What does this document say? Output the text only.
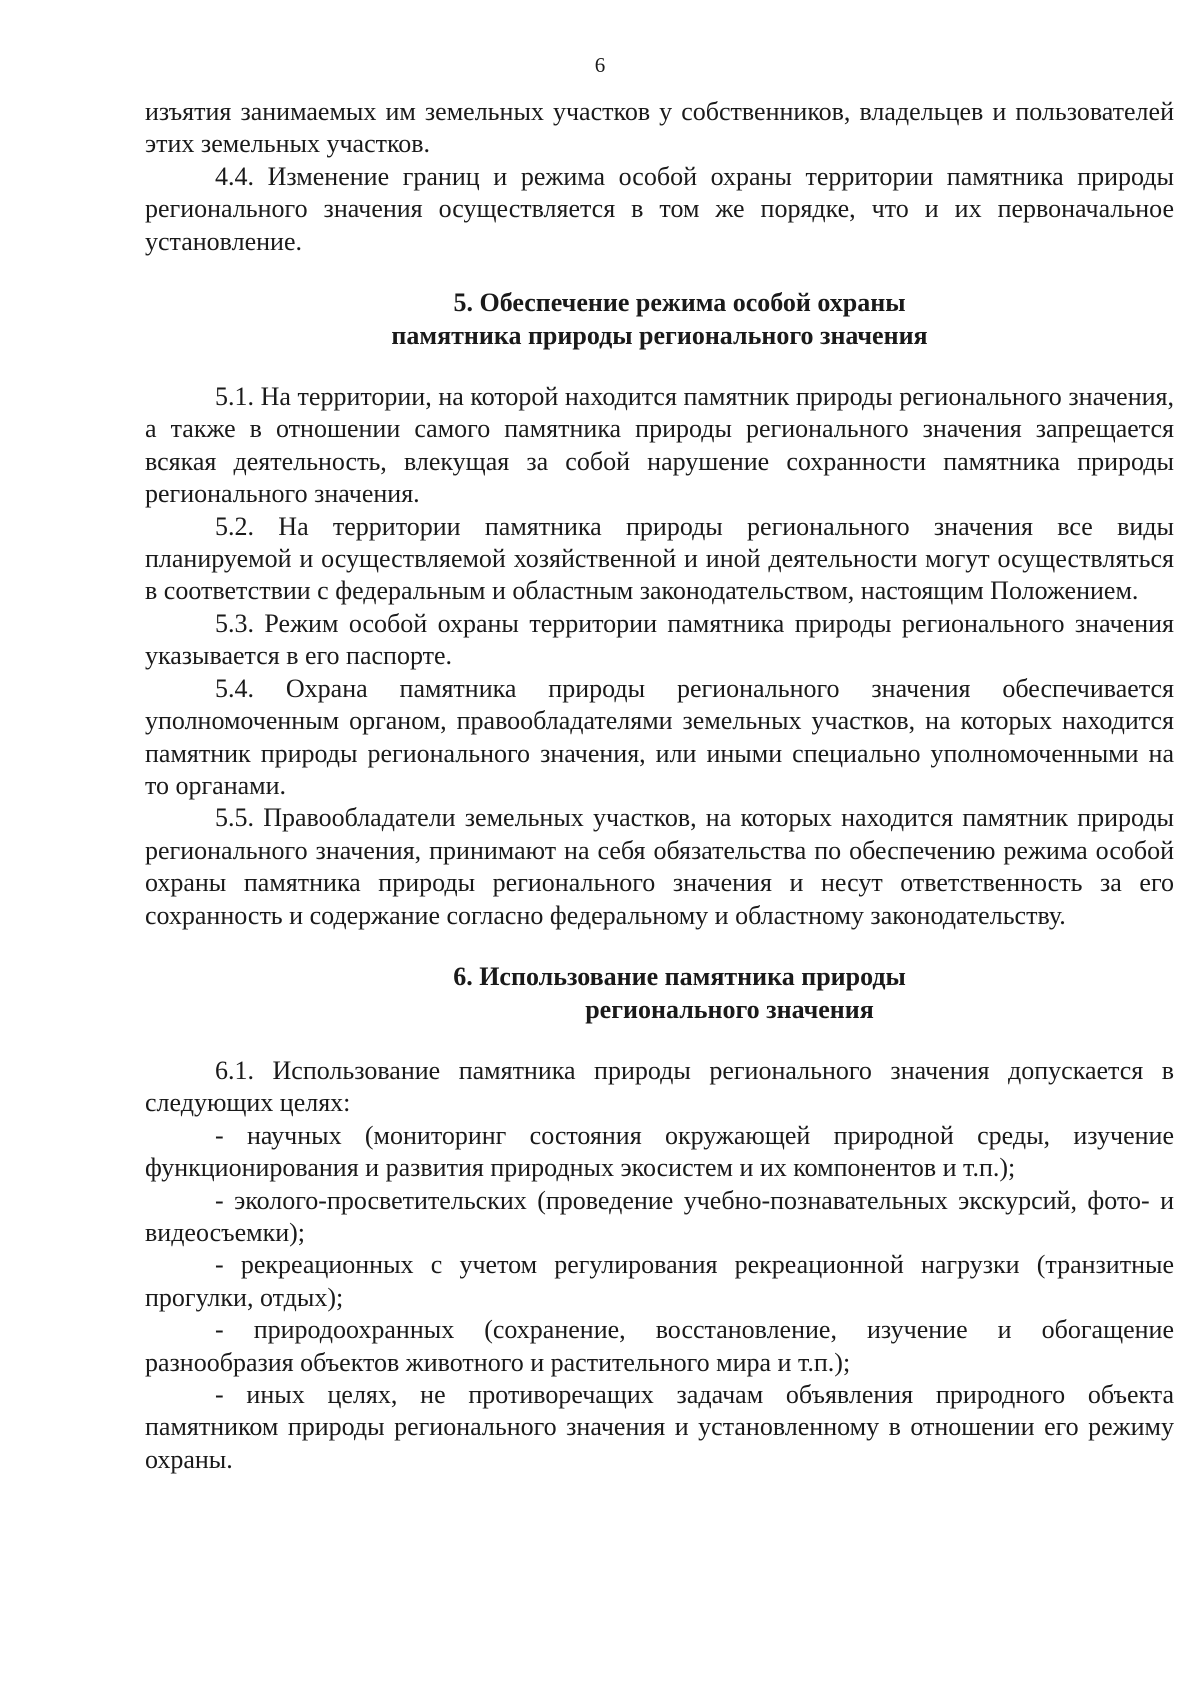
6

изъятия занимаемых им земельных участков у собственников, владельцев и пользователей этих земельных участков.

4.4. Изменение границ и режима особой охраны территории памятника природы регионального значения осуществляется в том же порядке, что и их первоначальное установление.

5. Обеспечение режима особой охраны
памятника природы регионального значения

5.1. На территории, на которой находится памятник природы регионального значения, а также в отношении самого памятника природы регионального значения запрещается всякая деятельность, влекущая за собой нарушение сохранности памятника природы регионального значения.

5.2. На территории памятника природы регионального значения все виды планируемой и осуществляемой хозяйственной и иной деятельности могут осуществляться в соответствии с федеральным и областным законодательством, настоящим Положением.

5.3. Режим особой охраны территории памятника природы регионального значения указывается в его паспорте.

5.4. Охрана памятника природы регионального значения обеспечивается уполномоченным органом, правообладателями земельных участков, на которых находится памятник природы регионального значения, или иными специально уполномоченными на то органами.

5.5. Правообладатели земельных участков, на которых находится памятник природы регионального значения, принимают на себя обязательства по обеспечению режима особой охраны памятника природы регионального значения и несут ответственность за его сохранность и содержание согласно федеральному и областному законодательству.

6. Использование памятника природы
регионального значения

6.1. Использование памятника природы регионального значения допускается в следующих целях:

- научных (мониторинг состояния окружающей природной среды, изучение функционирования и развития природных экосистем и их компонентов и т.п.);

- эколого-просветительских (проведение учебно-познавательных экскурсий, фото- и видеосъемки);

- рекреационных с учетом регулирования рекреационной нагрузки (транзитные прогулки, отдых);

- природоохранных (сохранение, восстановление, изучение и обогащение разнообразия объектов животного и растительного мира и т.п.);

- иных целях, не противоречащих задачам объявления природного объекта памятником природы регионального значения и установленному в отношении его режиму охраны.
